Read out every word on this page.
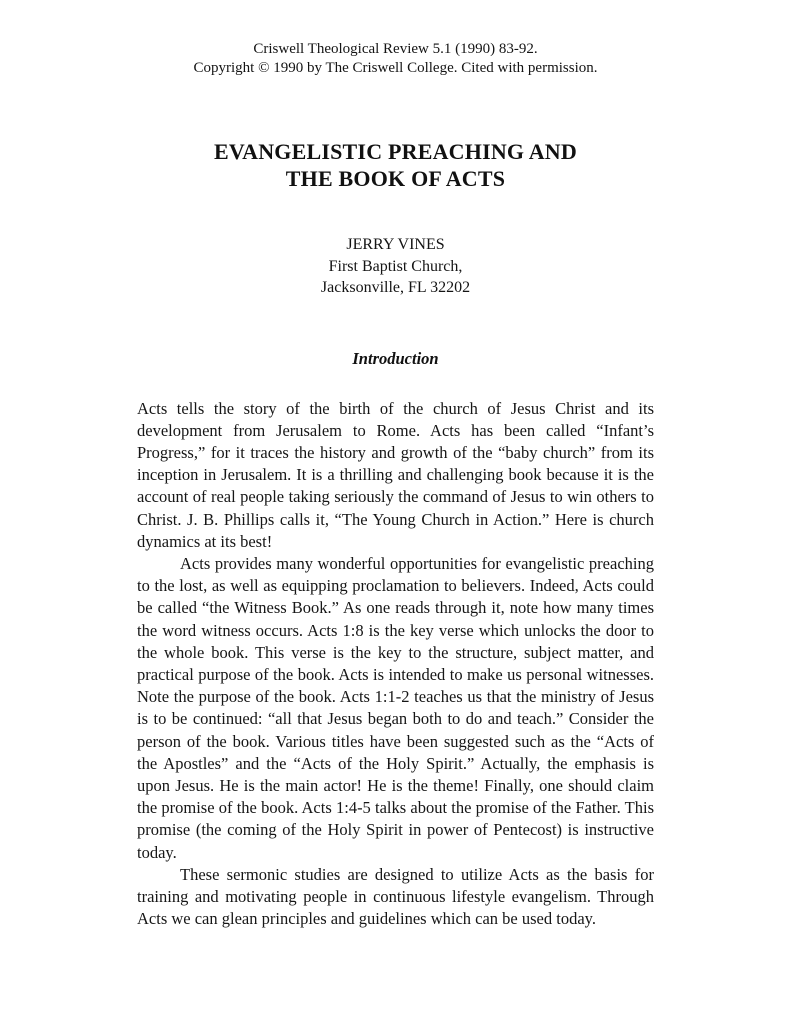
Criswell Theological Review 5.1 (1990) 83-92.
Copyright © 1990 by The Criswell College. Cited with permission.
EVANGELISTIC PREACHING AND
THE BOOK OF ACTS
JERRY VINES
First Baptist Church,
Jacksonville, FL 32202
Introduction

Acts tells the story of the birth of the church of Jesus Christ and its development from Jerusalem to Rome. Acts has been called “Infant’s Progress,” for it traces the history and growth of the “baby church” from its inception in Jerusalem. It is a thrilling and challenging book because it is the account of real people taking seriously the command of Jesus to win others to Christ. J. B. Phillips calls it, “The Young Church in Action.” Here is church dynamics at its best!

Acts provides many wonderful opportunities for evangelistic preaching to the lost, as well as equipping proclamation to believers. Indeed, Acts could be called “the Witness Book.” As one reads through it, note how many times the word witness occurs. Acts 1:8 is the key verse which unlocks the door to the whole book. This verse is the key to the structure, subject matter, and practical purpose of the book. Acts is intended to make us personal witnesses. Note the purpose of the book. Acts 1:1-2 teaches us that the ministry of Jesus is to be continued: “all that Jesus began both to do and teach.” Consider the person of the book. Various titles have been suggested such as the “Acts of the Apostles” and the “Acts of the Holy Spirit.” Actually, the emphasis is upon Jesus. He is the main actor! He is the theme! Finally, one should claim the promise of the book. Acts 1:4-5 talks about the promise of the Father. This promise (the coming of the Holy Spirit in power of Pentecost) is instructive today.

These sermonic studies are designed to utilize Acts as the basis for training and motivating people in continuous lifestyle evangelism. Through Acts we can glean principles and guidelines which can be used today.
